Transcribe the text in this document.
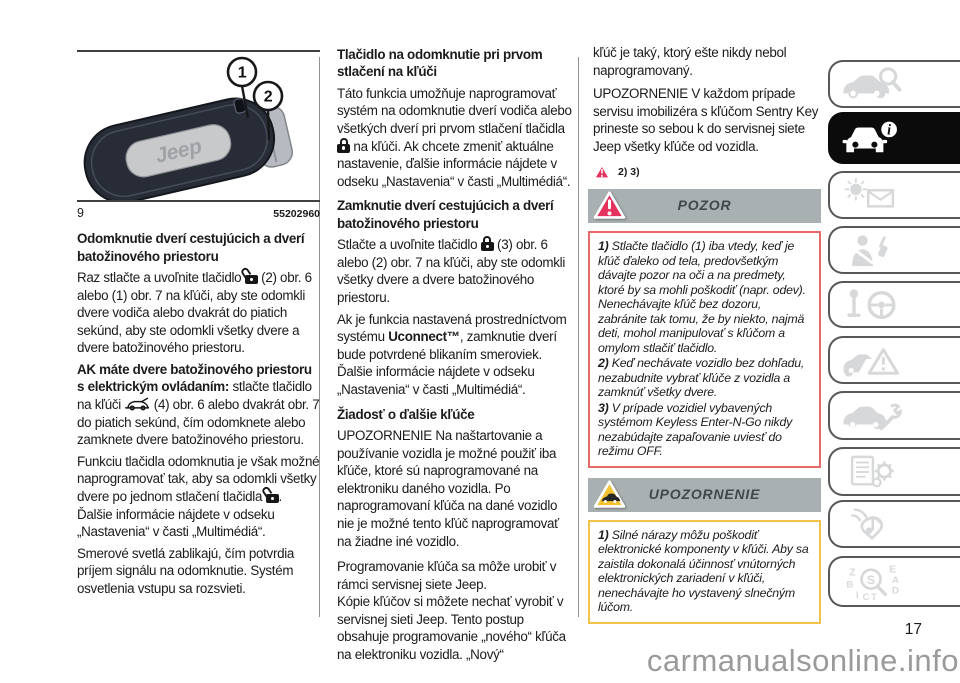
Jeep
1
2
9	55202960
Odomknutie dverí cestujúcich a dverí batožinového priestoru

Raz stlačte a uvoľnite tlačidlo
(2) obr. 6 alebo (1) obr. 7 na kľúči, aby ste odomkli dvere vodiča alebo dvakrát do piatich sekúnd, aby ste odomkli všetky dvere a dvere batožinového priestoru.

AK máte dvere batožinového priestoru s elektrickým ovládaním: stlačte tlačidlo na kľúči  (4) obr. 6 alebo dvakrát obr. 7 do piatich sekúnd, čím odomknete alebo zamknete dvere batožinového priestoru.

Funkciu tlačidla odomknutia je však možné naprogramovať tak, aby sa odomkli všetky dvere po jednom stlačení tlačidla
. Ďalšie informácie nájdete v odseku „Nastavenia“ v časti „Multimédiá“.

Smerové svetlá zablikajú, čím potvrdia príjem signálu na odomknutie. Systém osvetlenia vstupu sa rozsvieti.

Tlačidlo na odomknutie pri prvom stlačení na kľúči

Táto funkcia umožňuje naprogramovať systém na odomknutie dverí vodiča alebo všetkých dverí pri prvom stlačení tlačidla
na kľúči. Ak chcete zmeniť aktuálne nastavenie, ďalšie informácie nájdete v odseku „Nastavenia“ v časti „Multimédiá“.

Zamknutie dverí cestujúcich a dverí batožinového priestoru

Stlačte a uvoľnite tlačidlo
(3) obr. 6 alebo (2) obr. 7 na kľúči, aby ste odomkli všetky dvere a dvere batožinového priestoru.

Ak je funkcia nastavená prostredníctvom systému Uconnect™, zamknutie dverí bude potvrdené blikaním smeroviek. Ďalšie informácie nájdete v odseku „Nastavenia“ v časti „Multimédiá“.

Žiadosť o ďalšie kľúče

UPOZORNENIE Na naštartovanie a používanie vozidla je možné použiť iba kľúče, ktoré sú naprogramované na elektroniku daného vozidla. Po naprogramovaní kľúča na dané vozidlo nie je možné tento kľúč naprogramovať na žiadne iné vozidlo.

Programovanie kľúča sa môže urobiť v rámci servisnej siete Jeep.

Kópie kľúčov si môžete nechať vyrobiť v servisnej sieti Jeep. Tento postup obsahuje programovanie „nového“ kľúča na elektroniku vozidla. „Nový“

kľúč je taký, ktorý ešte nikdy nebol naprogramovaný.

UPOZORNENIE V každom prípade servisu imobilizéra s kľúčom Sentry Key prineste so sebou k do servisnej siete Jeep všetky kľúče od vozidla.

2) 3)
POZOR

1) Stlačte tlačidlo (1) iba vtedy, keď je kľúč ďaleko od tela, predovšetkým dávajte pozor na oči a na predmety, ktoré by sa mohli poškodiť (napr. odev). Nenechávajte kľúč bez dozoru, zabránite tak tomu, že by niekto, najmä deti, mohol manipulovať s kľúčom a omylom stlačiť tlačidlo.

2) Keď nechávate vozidlo bez dohľadu, nezabudnite vybrať kľúče z vozidla a zamknúť všetky dvere.

3) V prípade vozidiel vybavených systémom Keyless Enter-N-Go nikdy nezabúdajte zapaľovanie uviesť do režimu OFF.

UPOZORNENIE

1) Silné nárazy môžu poškodiť elektronické komponenty v kľúči. Aby sa zaistila dokonalá účinnosť vnútorných elektronických zariadení v kľúči, nenechávajte ho vystavený slnečným lúčom.

i
Z
B
I C T
E
A
D
S
17
carmanualsonline.info
